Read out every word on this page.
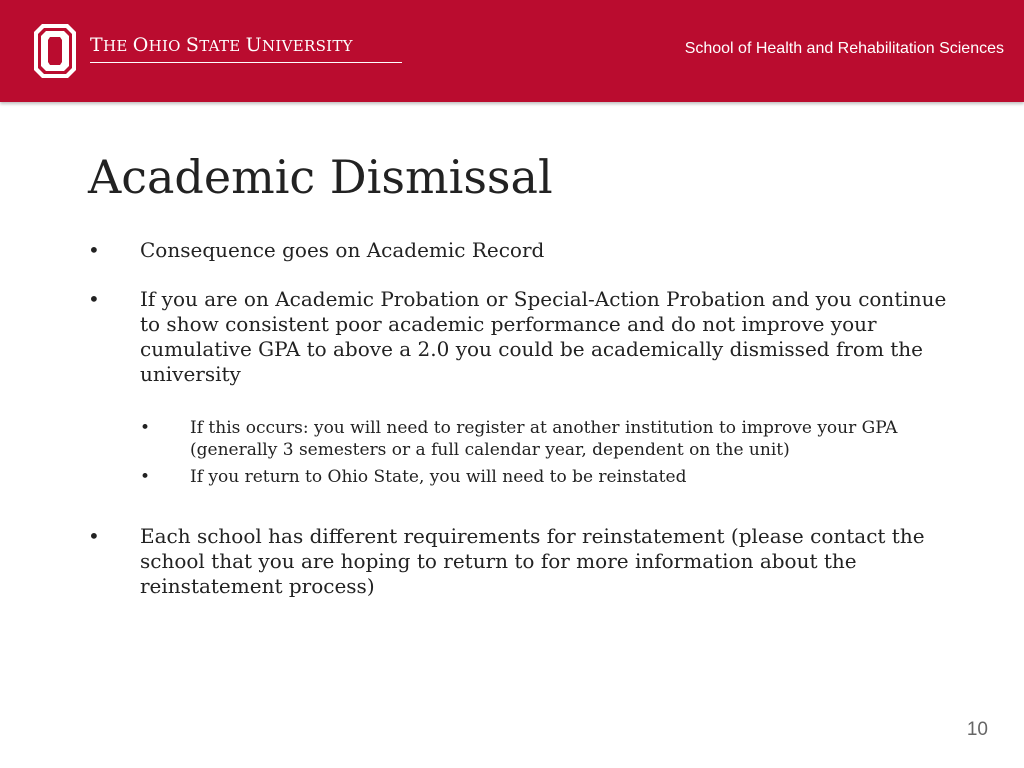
THE OHIO STATE UNIVERSITY	School of Health and Rehabilitation Sciences
Academic Dismissal
• Consequence goes on Academic Record
• If you are on Academic Probation or Special-Action Probation and you continue to show consistent poor academic performance and do not improve your cumulative GPA to above a 2.0 you could be academically dismissed from the university
• If this occurs: you will need to register at another institution to improve your GPA (generally 3 semesters or a full calendar year, dependent on the unit)
• If you return to Ohio State, you will need to be reinstated
• Each school has different requirements for reinstatement (please contact the school that you are hoping to return to for more information about the reinstatement process)
10
